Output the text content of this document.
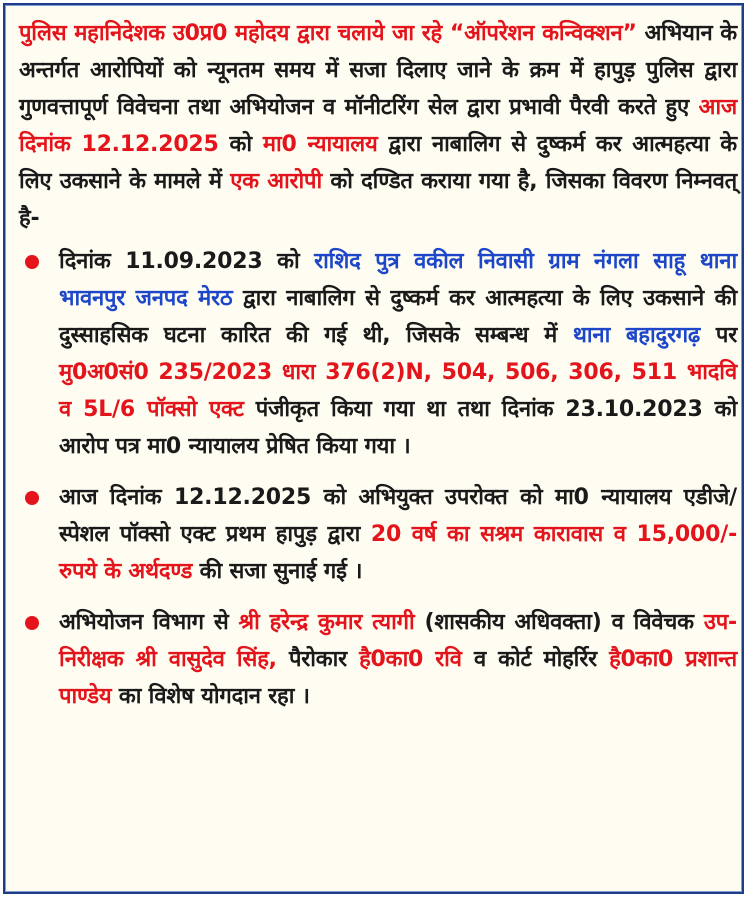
पुलिस महानिदेशक उ0प्र0 महोदय द्वारा चलाये जा रहे “ऑपरेशन कन्विक्शन” अभियान के अन्तर्गत आरोपियों को न्यूनतम समय में सजा दिलाए जाने के क्रम में हापुड़ पुलिस द्वारा गुणवत्तापूर्ण विवेचना तथा अभियोजन व मॉनीटरिंग सेल द्वारा प्रभावी पैरवी करते हुए आज दिनांक 12.12.2025 को मा0 न्यायालय द्वारा नाबालिग से दुष्कर्म कर आत्महत्या के लिए उकसाने के मामले में एक आरोपी को दण्डित कराया गया है, जिसका विवरण निम्नवत् है-

दिनांक 11.09.2023 को राशिद पुत्र वकील निवासी ग्राम नंगला साहू थाना भावनपुर जनपद मेरठ द्वारा नाबालिग से दुष्कर्म कर आत्महत्या के लिए उकसाने की दुस्साहसिक घटना कारित की गई थी, जिसके सम्बन्ध में थाना बहादुरगढ़ पर मु0अ0सं0 235/2023 धारा 376(2)N, 504, 506, 306, 511 भादवि व 5L/6 पॉक्सो एक्ट पंजीकृत किया गया था तथा दिनांक 23.10.2023 को आरोप पत्र मा0 न्यायालय प्रेषित किया गया ।
आज दिनांक 12.12.2025 को अभियुक्त उपरोक्त को मा0 न्यायालय एडीजे/स्पेशल पॉक्सो एक्ट प्रथम हापुड़ द्वारा 20 वर्ष का सश्रम कारावास व 15,000/- रुपये के अर्थदण्ड की सजा सुनाई गई ।
अभियोजन विभाग से श्री हरेन्द्र कुमार त्यागी (शासकीय अधिवक्ता) व विवेचक उप-निरीक्षक श्री वासुदेव सिंह, पैरोकार है0का0 रवि व कोर्ट मोहर्रिर है0का0 प्रशान्त पाण्डेय का विशेष योगदान रहा ।
